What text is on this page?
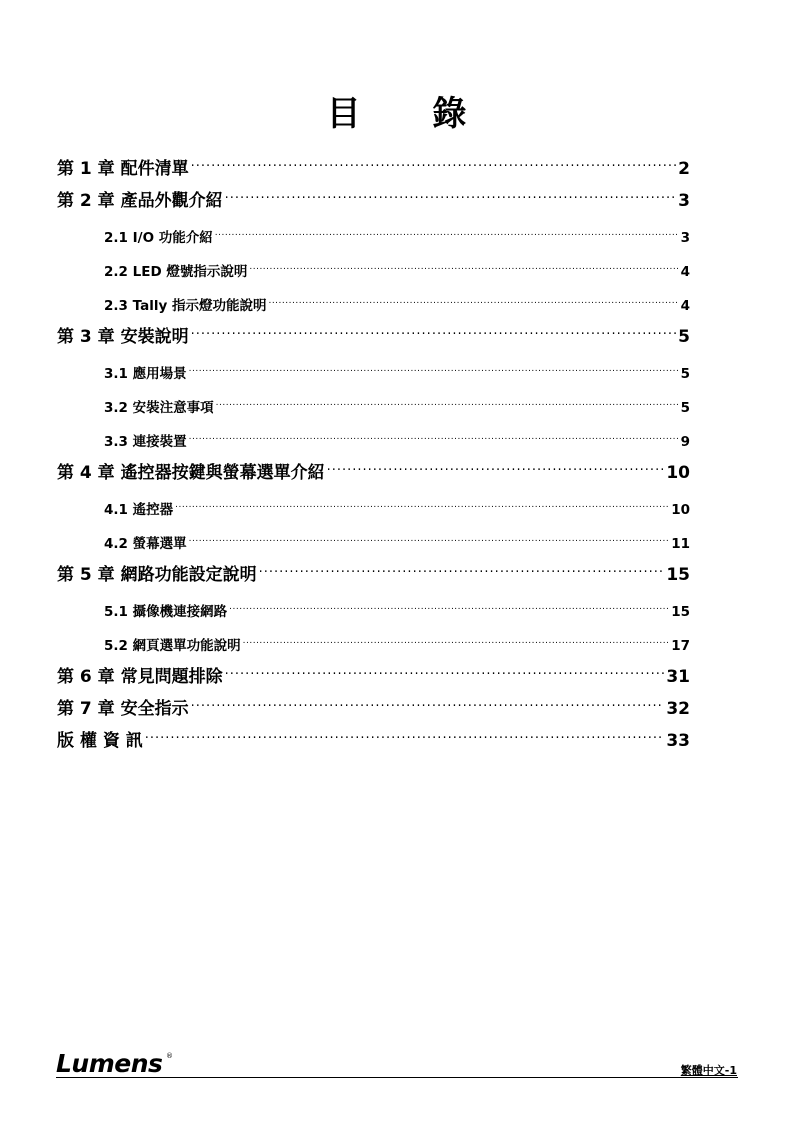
目 錄
第 1 章 配件清單 .....	2
第 2 章 產品外觀介紹 .....	3
2.1 I/O 功能介紹 .....	3
2.2 LED 燈號指示說明 .....	4
2.3 Tally 指示燈功能說明 .....	4
第 3 章 安裝說明 .....	5
3.1 應用場景 .....	5
3.2 安裝注意事項 .....	5
3.3 連接裝置 .....	9
第 4 章 遙控器按鍵與螢幕選單介紹 .....	10
4.1 遙控器 .....	10
4.2 螢幕選單 .....	11
第 5 章 網路功能設定說明 .....	15
5.1 攝像機連接網路 .....	15
5.2 網頁選單功能說明 .....	17
第 6 章 常見問題排除 .....	31
第 7 章 安全指示 .....	32
版 權 資 訊 .....	33
Lumens ®
繁體中文-1
